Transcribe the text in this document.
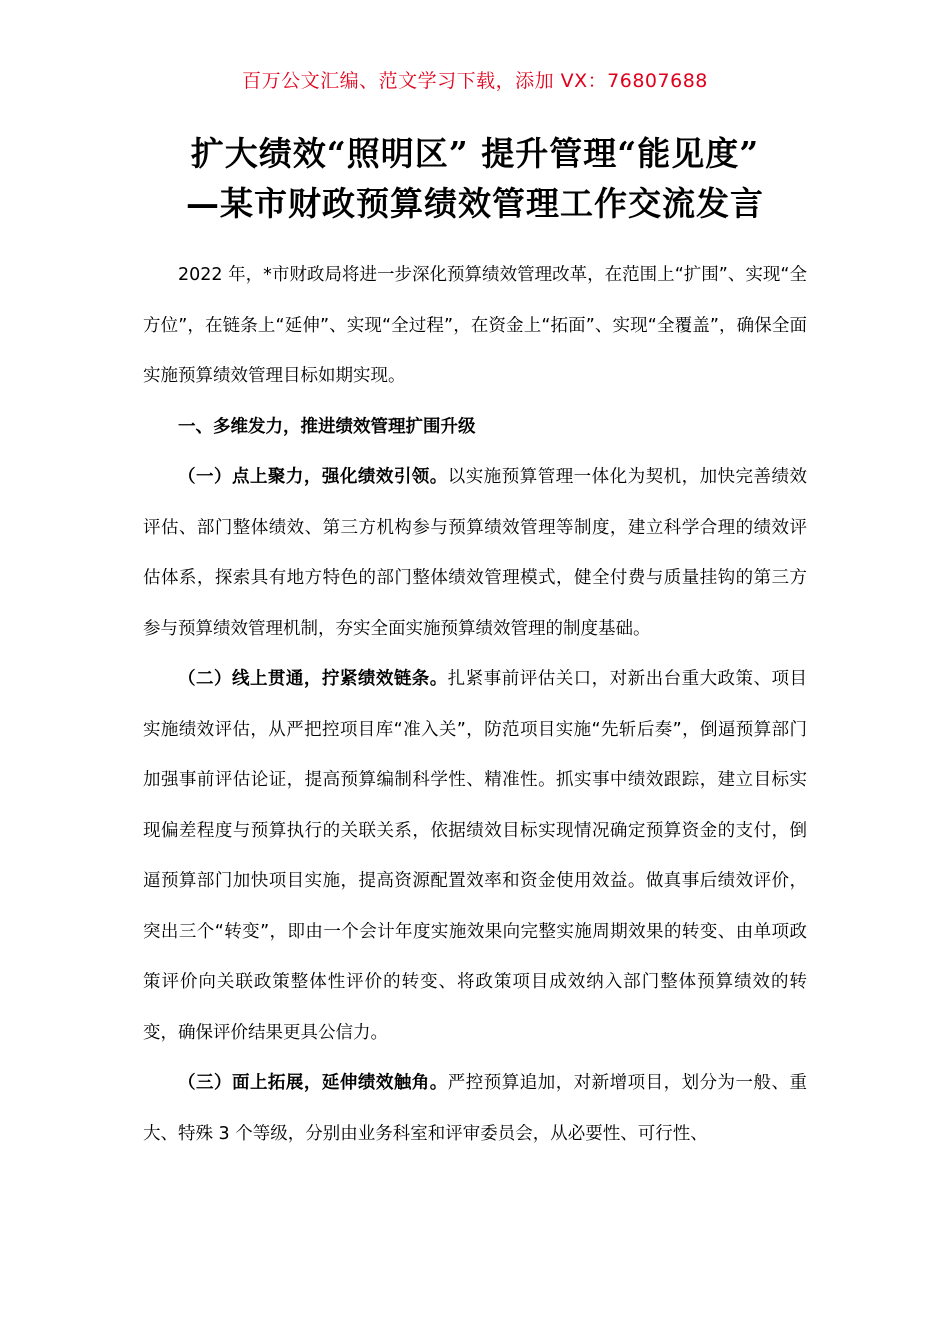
百万公文汇编、范文学习下载，添加 VX：76807688
扩大绩效“照明区” 提升管理“能见度”
—某市财政预算绩效管理工作交流发言

2022 年，*市财政局将进一步深化预算绩效管理改革，在范围上“扩围”、实现“全方位”，在链条上“延伸”、实现“全过程”，在资金上“拓面”、实现“全覆盖”，确保全面实施预算绩效管理目标如期实现。

一、多维发力，推进绩效管理扩围升级

（一）点上聚力，强化绩效引领。以实施预算管理一体化为契机，加快完善绩效评估、部门整体绩效、第三方机构参与预算绩效管理等制度，建立科学合理的绩效评估体系，探索具有地方特色的部门整体绩效管理模式，健全付费与质量挂钩的第三方参与预算绩效管理机制，夯实全面实施预算绩效管理的制度基础。

（二）线上贯通，拧紧绩效链条。扎紧事前评估关口，对新出台重大政策、项目实施绩效评估，从严把控项目库“准入关”，防范项目实施“先斩后奏”，倒逼预算部门加强事前评估论证，提高预算编制科学性、精准性。抓实事中绩效跟踪，建立目标实现偏差程度与预算执行的关联关系，依据绩效目标实现情况确定预算资金的支付，倒逼预算部门加快项目实施，提高资源配置效率和资金使用效益。做真事后绩效评价，突出三个“转变”，即由一个会计年度实施效果向完整实施周期效果的转变、由单项政策评价向关联政策整体性评价的转变、将政策项目成效纳入部门整体预算绩效的转变，确保评价结果更具公信力。

（三）面上拓展，延伸绩效触角。严控预算追加，对新增项目，划分为一般、重大、特殊 3 个等级，分别由业务科室和评审委员会，从必要性、可行性、
